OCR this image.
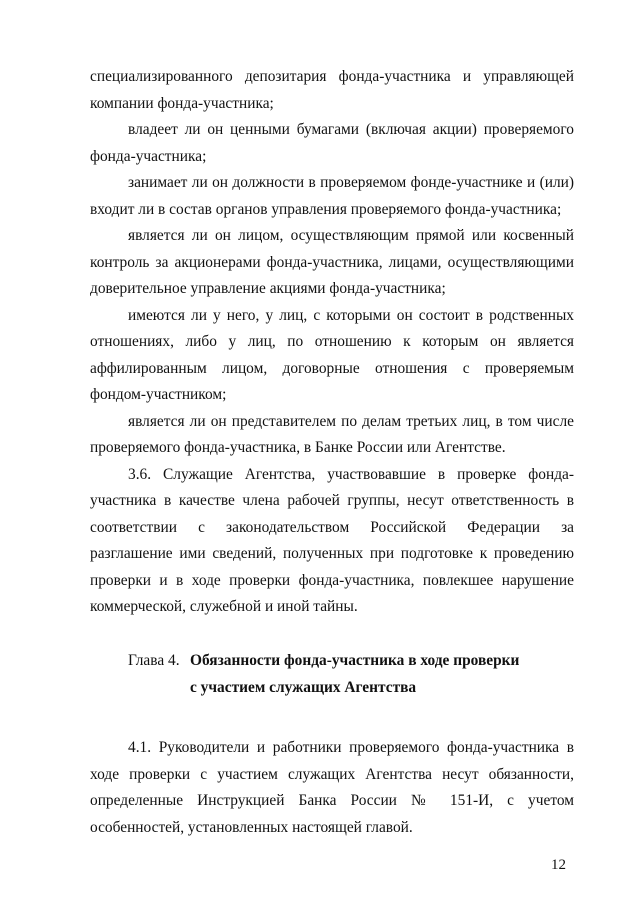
специализированного депозитария фонда-участника и управляющей компании фонда-участника;

владеет ли он ценными бумагами (включая акции) проверяемого фонда-участника;

занимает ли он должности в проверяемом фонде-участнике и (или) входит ли в состав органов управления проверяемого фонда-участника;

является ли он лицом, осуществляющим прямой или косвенный контроль за акционерами фонда-участника, лицами, осуществляющими доверительное управление акциями фонда-участника;

имеются ли у него, у лиц, с которыми он состоит в родственных отношениях, либо у лиц, по отношению к которым он является аффилированным лицом, договорные отношения с проверяемым фондом-участником;

является ли он представителем по делам третьих лиц, в том числе проверяемого фонда-участника, в Банке России или Агентстве.

3.6. Служащие Агентства, участвовавшие в проверке фонда-участника в качестве члена рабочей группы, несут ответственность в соответствии с законодательством Российской Федерации за разглашение ими сведений, полученных при подготовке к проведению проверки и в ходе проверки фонда-участника, повлекшее нарушение коммерческой, служебной и иной тайны.

Глава 4. Обязанности фонда-участника в ходе проверки
с участием служащих Агентства

4.1. Руководители и работники проверяемого фонда-участника в ходе проверки с участием служащих Агентства несут обязанности, определенные Инструкцией Банка России № 151-И, с учетом особенностей, установленных настоящей главой.

12
